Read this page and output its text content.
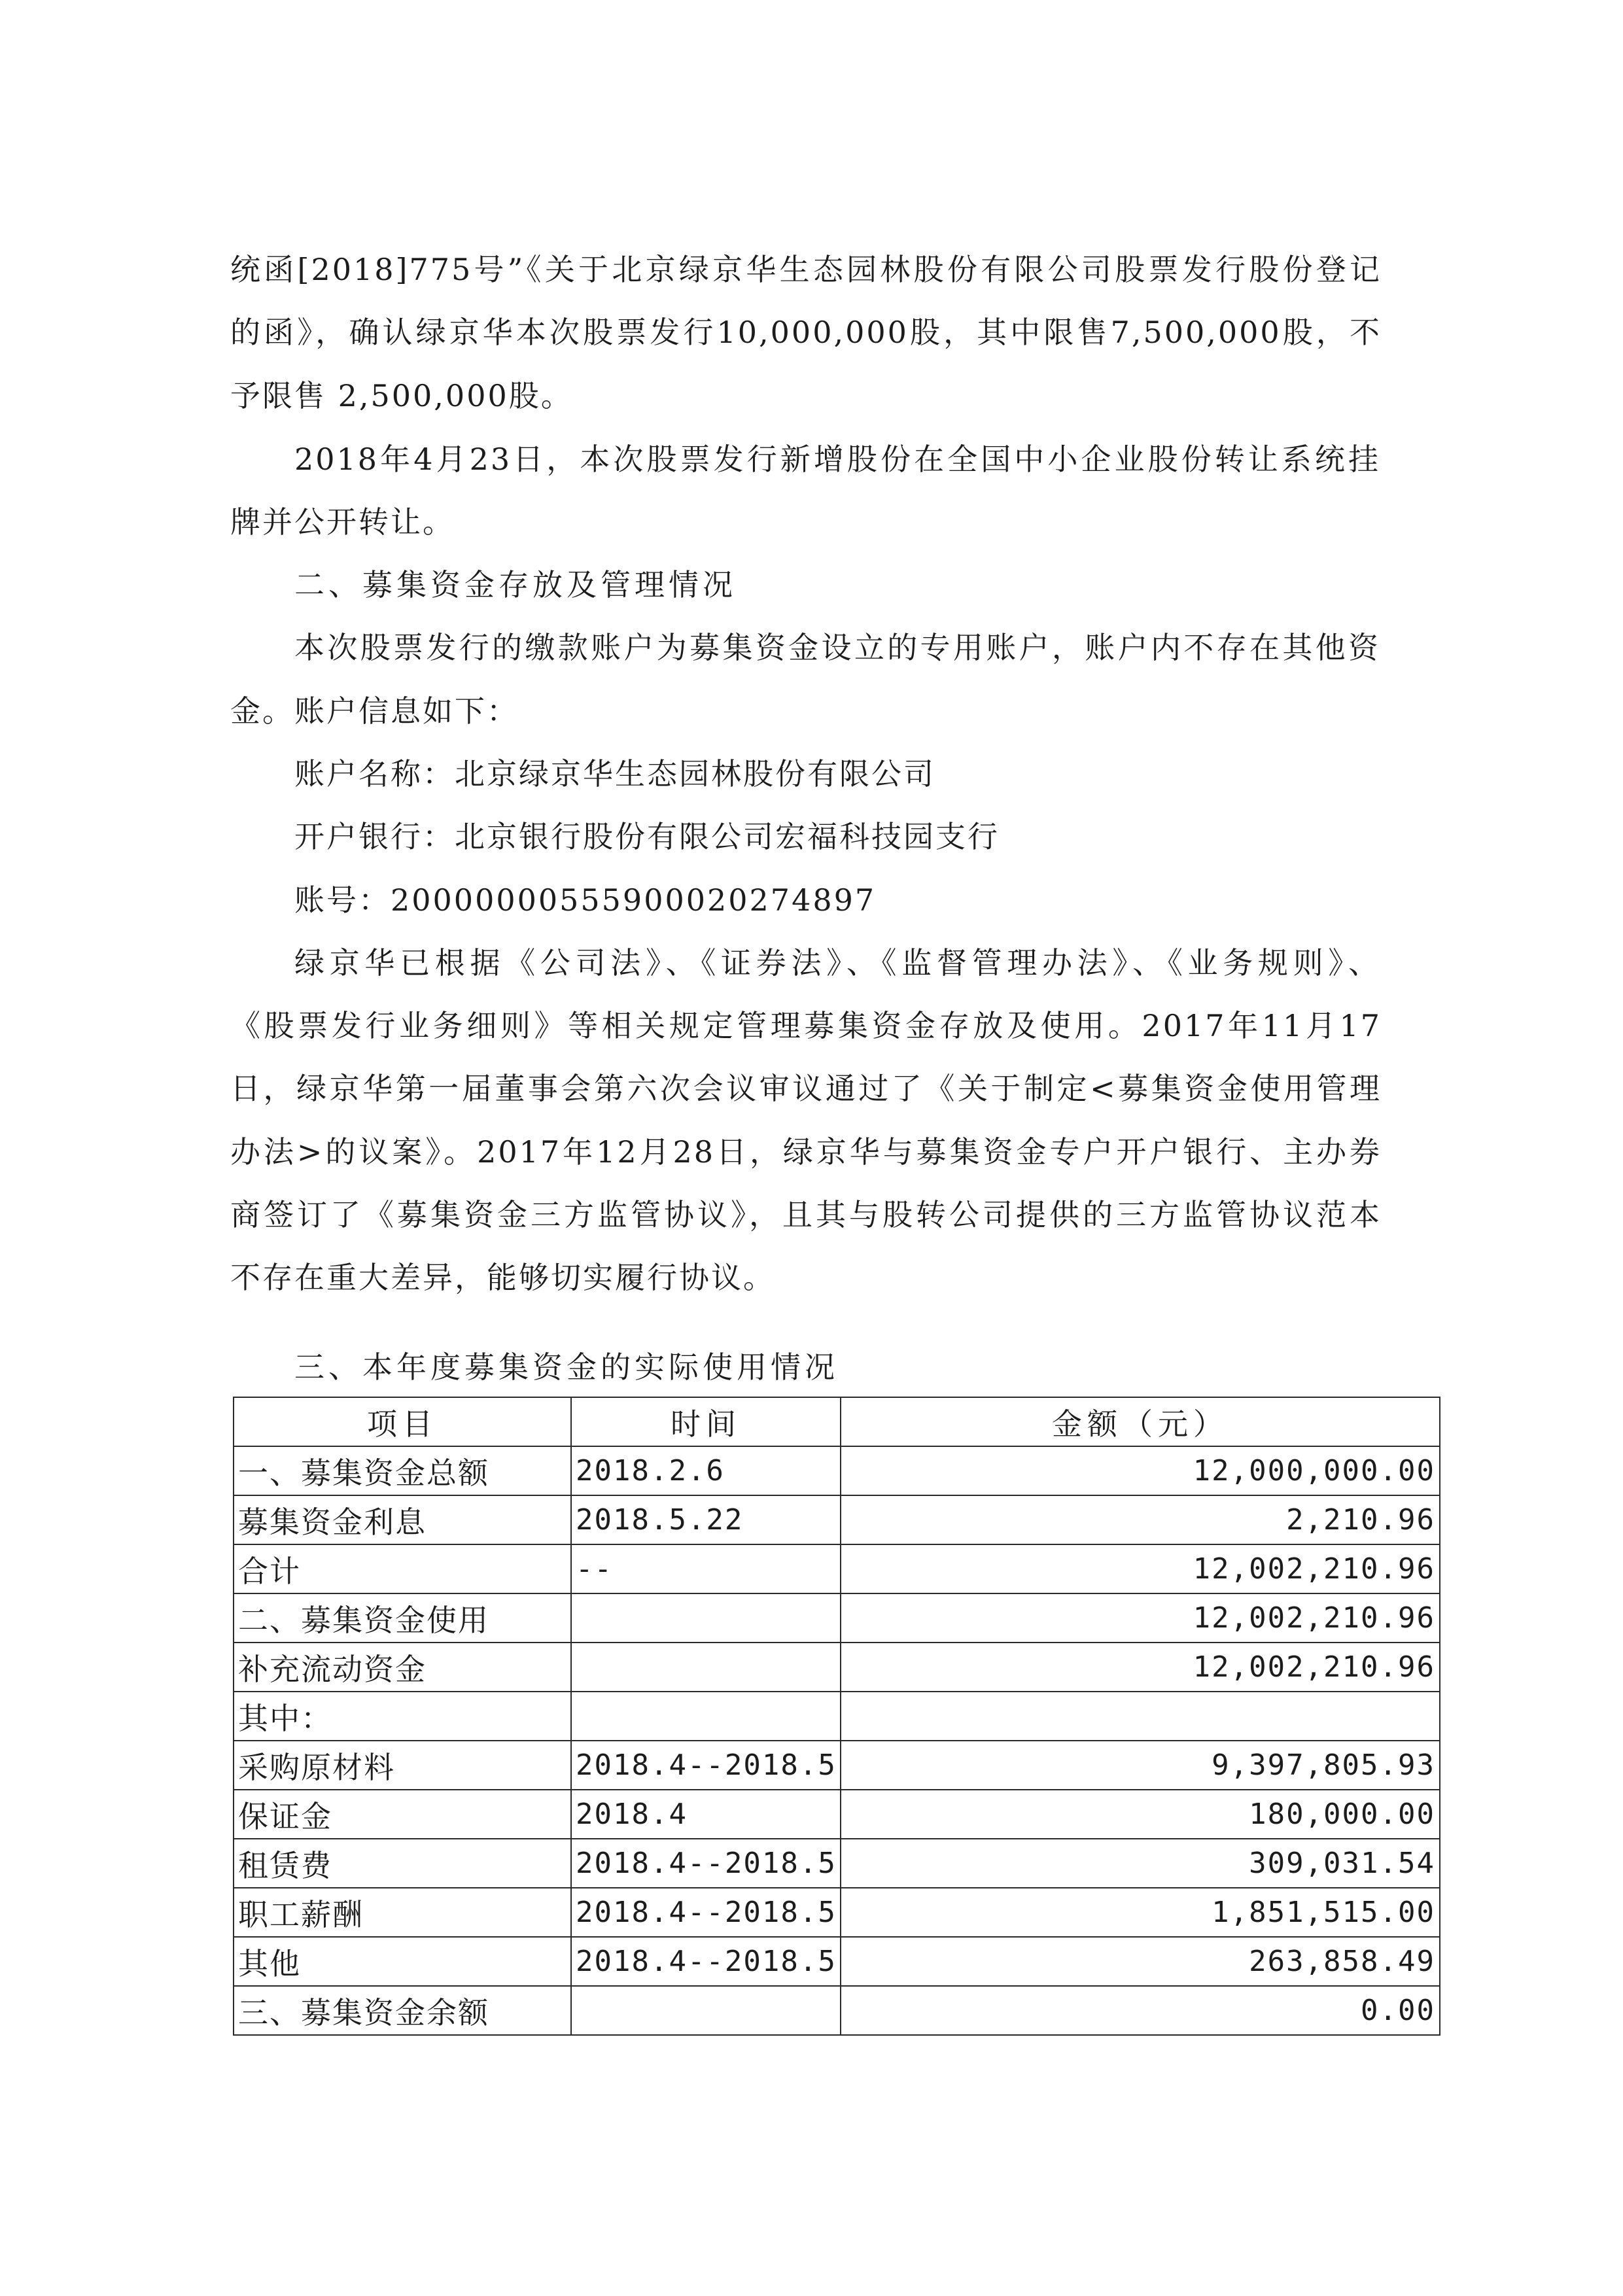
统函[2018]775号”《关于北京绿京华生态园林股份有限公司股票发行股份登记
的函》，确认绿京华本次股票发行10,000,000股，其中限售7,500,000股，不
予限售 2,500,000股。
2018年4月23日，本次股票发行新增股份在全国中小企业股份转让系统挂
牌并公开转让。
二、募集资金存放及管理情况
本次股票发行的缴款账户为募集资金设立的专用账户，账户内不存在其他资
金。账户信息如下：
账户名称：北京绿京华生态园林股份有限公司
开户银行：北京银行股份有限公司宏福科技园支行
账号：20000000555900020274897
绿京华已根据《公司法》、《证券法》、《监督管理办法》、《业务规则》、
《股票发行业务细则》等相关规定管理募集资金存放及使用。2017年11月17
日，绿京华第一届董事会第六次会议审议通过了《关于制定<募集资金使用管理
办法>的议案》。2017年12月28日，绿京华与募集资金专户开户银行、主办券
商签订了《募集资金三方监管协议》，且其与股转公司提供的三方监管协议范本
不存在重大差异，能够切实履行协议。
三、本年度募集资金的实际使用情况
项目	时间	金额（元）
一、募集资金总额	2018.2.6	12,000,000.00
募集资金利息	2018.5.22	2,210.96
合计	--	12,002,210.96
二、募集资金使用		12,002,210.96
补充流动资金		12,002,210.96
其中：		
采购原材料	2018.4--2018.5	9,397,805.93
保证金	2018.4	180,000.00
租赁费	2018.4--2018.5	309,031.54
职工薪酬	2018.4--2018.5	1,851,515.00
其他	2018.4--2018.5	263,858.49
三、募集资金余额		0.00
